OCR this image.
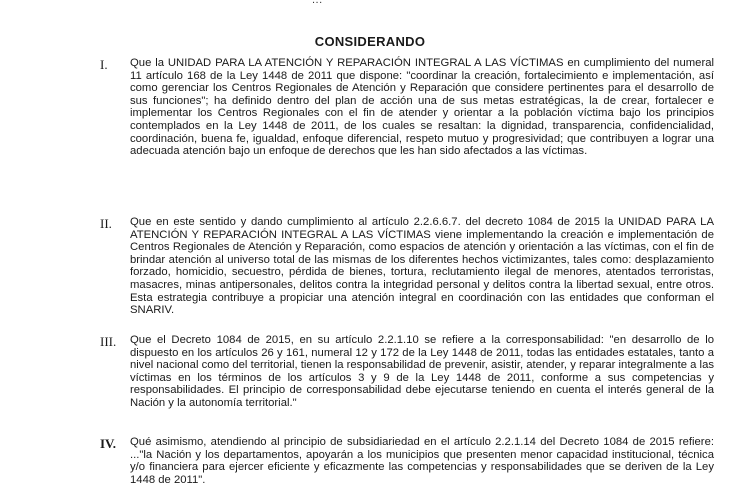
...
CONSIDERANDO
I. Que la UNIDAD PARA LA ATENCIÓN Y REPARACIÓN INTEGRAL A LAS VÍCTIMAS en cumplimiento del numeral 11 artículo 168 de la Ley 1448 de 2011 que dispone: "coordinar la creación, fortalecimiento e implementación, así como gerenciar los Centros Regionales de Atención y Reparación que considere pertinentes para el desarrollo de sus funciones"; ha definido dentro del plan de acción una de sus metas estratégicas, la de crear, fortalecer e implementar los Centros Regionales con el fin de atender y orientar a la población víctima bajo los principios contemplados en la Ley 1448 de 2011, de los cuales se resaltan: la dignidad, transparencia, confidencialidad, coordinación, buena fe, igualdad, enfoque diferencial, respeto mutuo y progresividad; que contribuyen a lograr una adecuada atención bajo un enfoque de derechos que les han sido afectados a las víctimas.

II. Que en este sentido y dando cumplimiento al artículo 2.2.6.6.7. del decreto 1084 de 2015 la UNIDAD PARA LA ATENCIÓN Y REPARACIÓN INTEGRAL A LAS VÍCTIMAS viene implementando la creación e implementación de Centros Regionales de Atención y Reparación, como espacios de atención y orientación a las víctimas, con el fin de brindar atención al universo total de las mismas de los diferentes hechos victimizantes, tales como: desplazamiento forzado, homicidio, secuestro, pérdida de bienes, tortura, reclutamiento ilegal de menores, atentados terroristas, masacres, minas antipersonales, delitos contra la integridad personal y delitos contra la libertad sexual, entre otros. Esta estrategia contribuye a propiciar una atención integral en coordinación con las entidades que conforman el SNARIV.

III. Que el Decreto 1084 de 2015, en su artículo 2.2.1.10 se refiere a la corresponsabilidad: "en desarrollo de lo dispuesto en los artículos 26 y 161, numeral 12 y 172 de la Ley 1448 de 2011, todas las entidades estatales, tanto a nivel nacional como del territorial, tienen la responsabilidad de prevenir, asistir, atender, y reparar integralmente a las víctimas en los términos de los artículos 3 y 9 de la Ley 1448 de 2011, conforme a sus competencias y responsabilidades. El principio de corresponsabilidad debe ejecutarse teniendo en cuenta el interés general de la Nación y la autonomía territorial."

IV. Qué asimismo, atendiendo al principio de subsidiariedad en el artículo 2.2.1.14 del Decreto 1084 de 2015 refiere: ..."la Nación y los departamentos, apoyarán a los municipios que presenten menor capacidad institucional, técnica y/o financiera para ejercer eficiente y eficazmente las competencias y responsabilidades que se deriven de la Ley 1448 de 2011".
